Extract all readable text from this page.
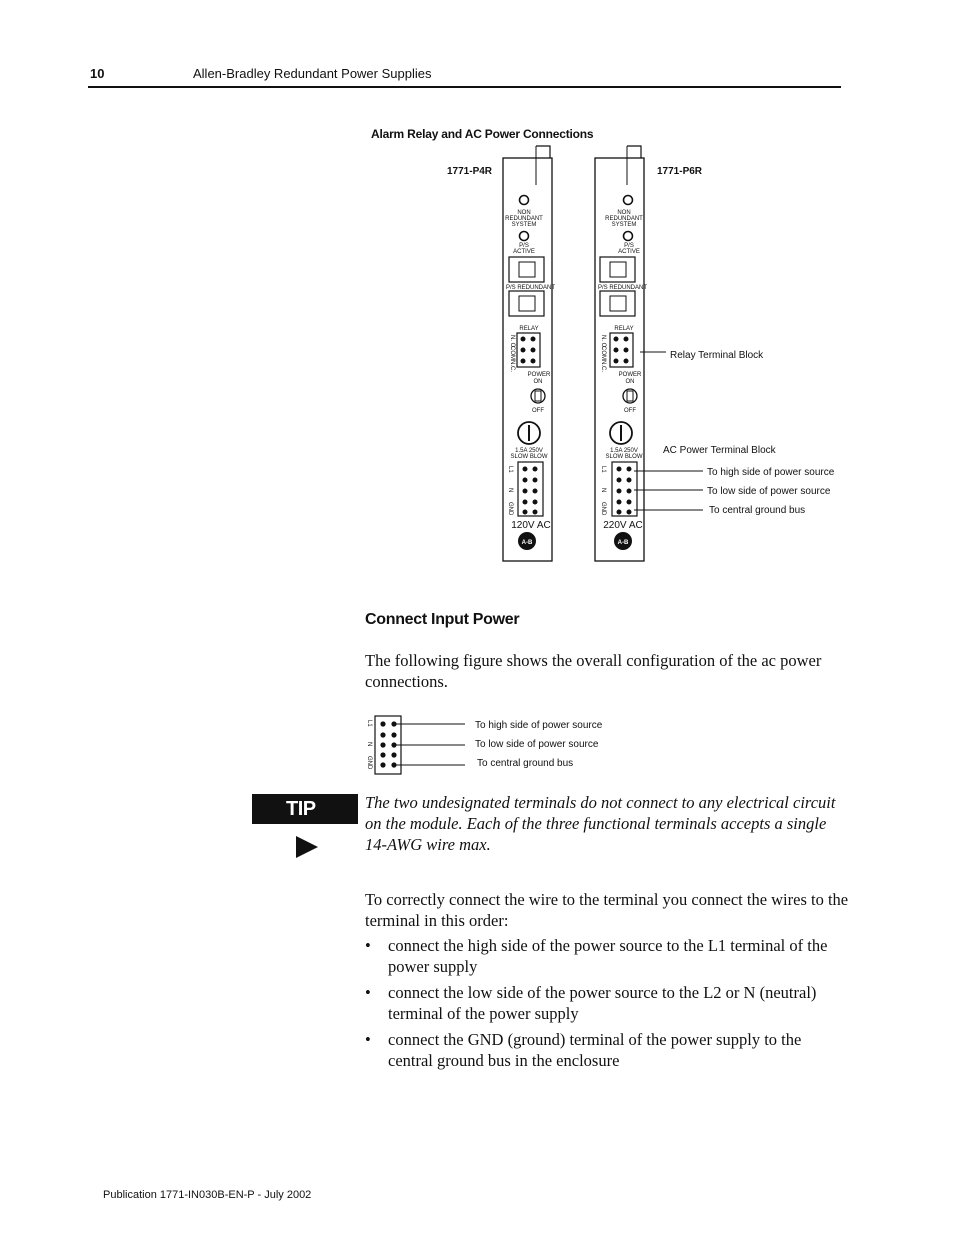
10	Allen-Bradley Redundant Power Supplies
Alarm Relay and AC Power Connections
1771-P4R	1771-P6R
NON
REDUNDANT
SYSTEM
P/S
ACTIVE
P/S REDUNDANT
RELAY
N. O.
COM
N.C.
POWER
ON
OFF
1.5A 250V
SLOW BLOW
L1
N
GND
120V AC
A-B
NON
REDUNDANT
SYSTEM
P/S
ACTIVE
P/S REDUNDANT
RELAY
N. O.
COM
N.C.
POWER
ON
OFF
1.5A 250V
SLOW BLOW
L1
N
GND
220V AC
A-B
Relay Terminal Block
AC Power Terminal Block
To high side of power source
To low side of power source
To central ground bus
Connect Input Power
The following figure shows the overall configuration of the ac power connections.
L1
N
GND
To high side of power source
To low side of power source
To central ground bus
TIP	The two undesignated terminals do not connect to any electrical circuit on the module. Each of the three functional terminals accepts a single 14-AWG wire max.
To correctly connect the wire to the terminal you connect the wires to the terminal in this order:
• connect the high side of the power source to the L1 terminal of the power supply
• connect the low side of the power source to the L2 or N (neutral) terminal of the power supply
• connect the GND (ground) terminal of the power supply to the central ground bus in the enclosure
Publication 1771-IN030B-EN-P - July 2002
